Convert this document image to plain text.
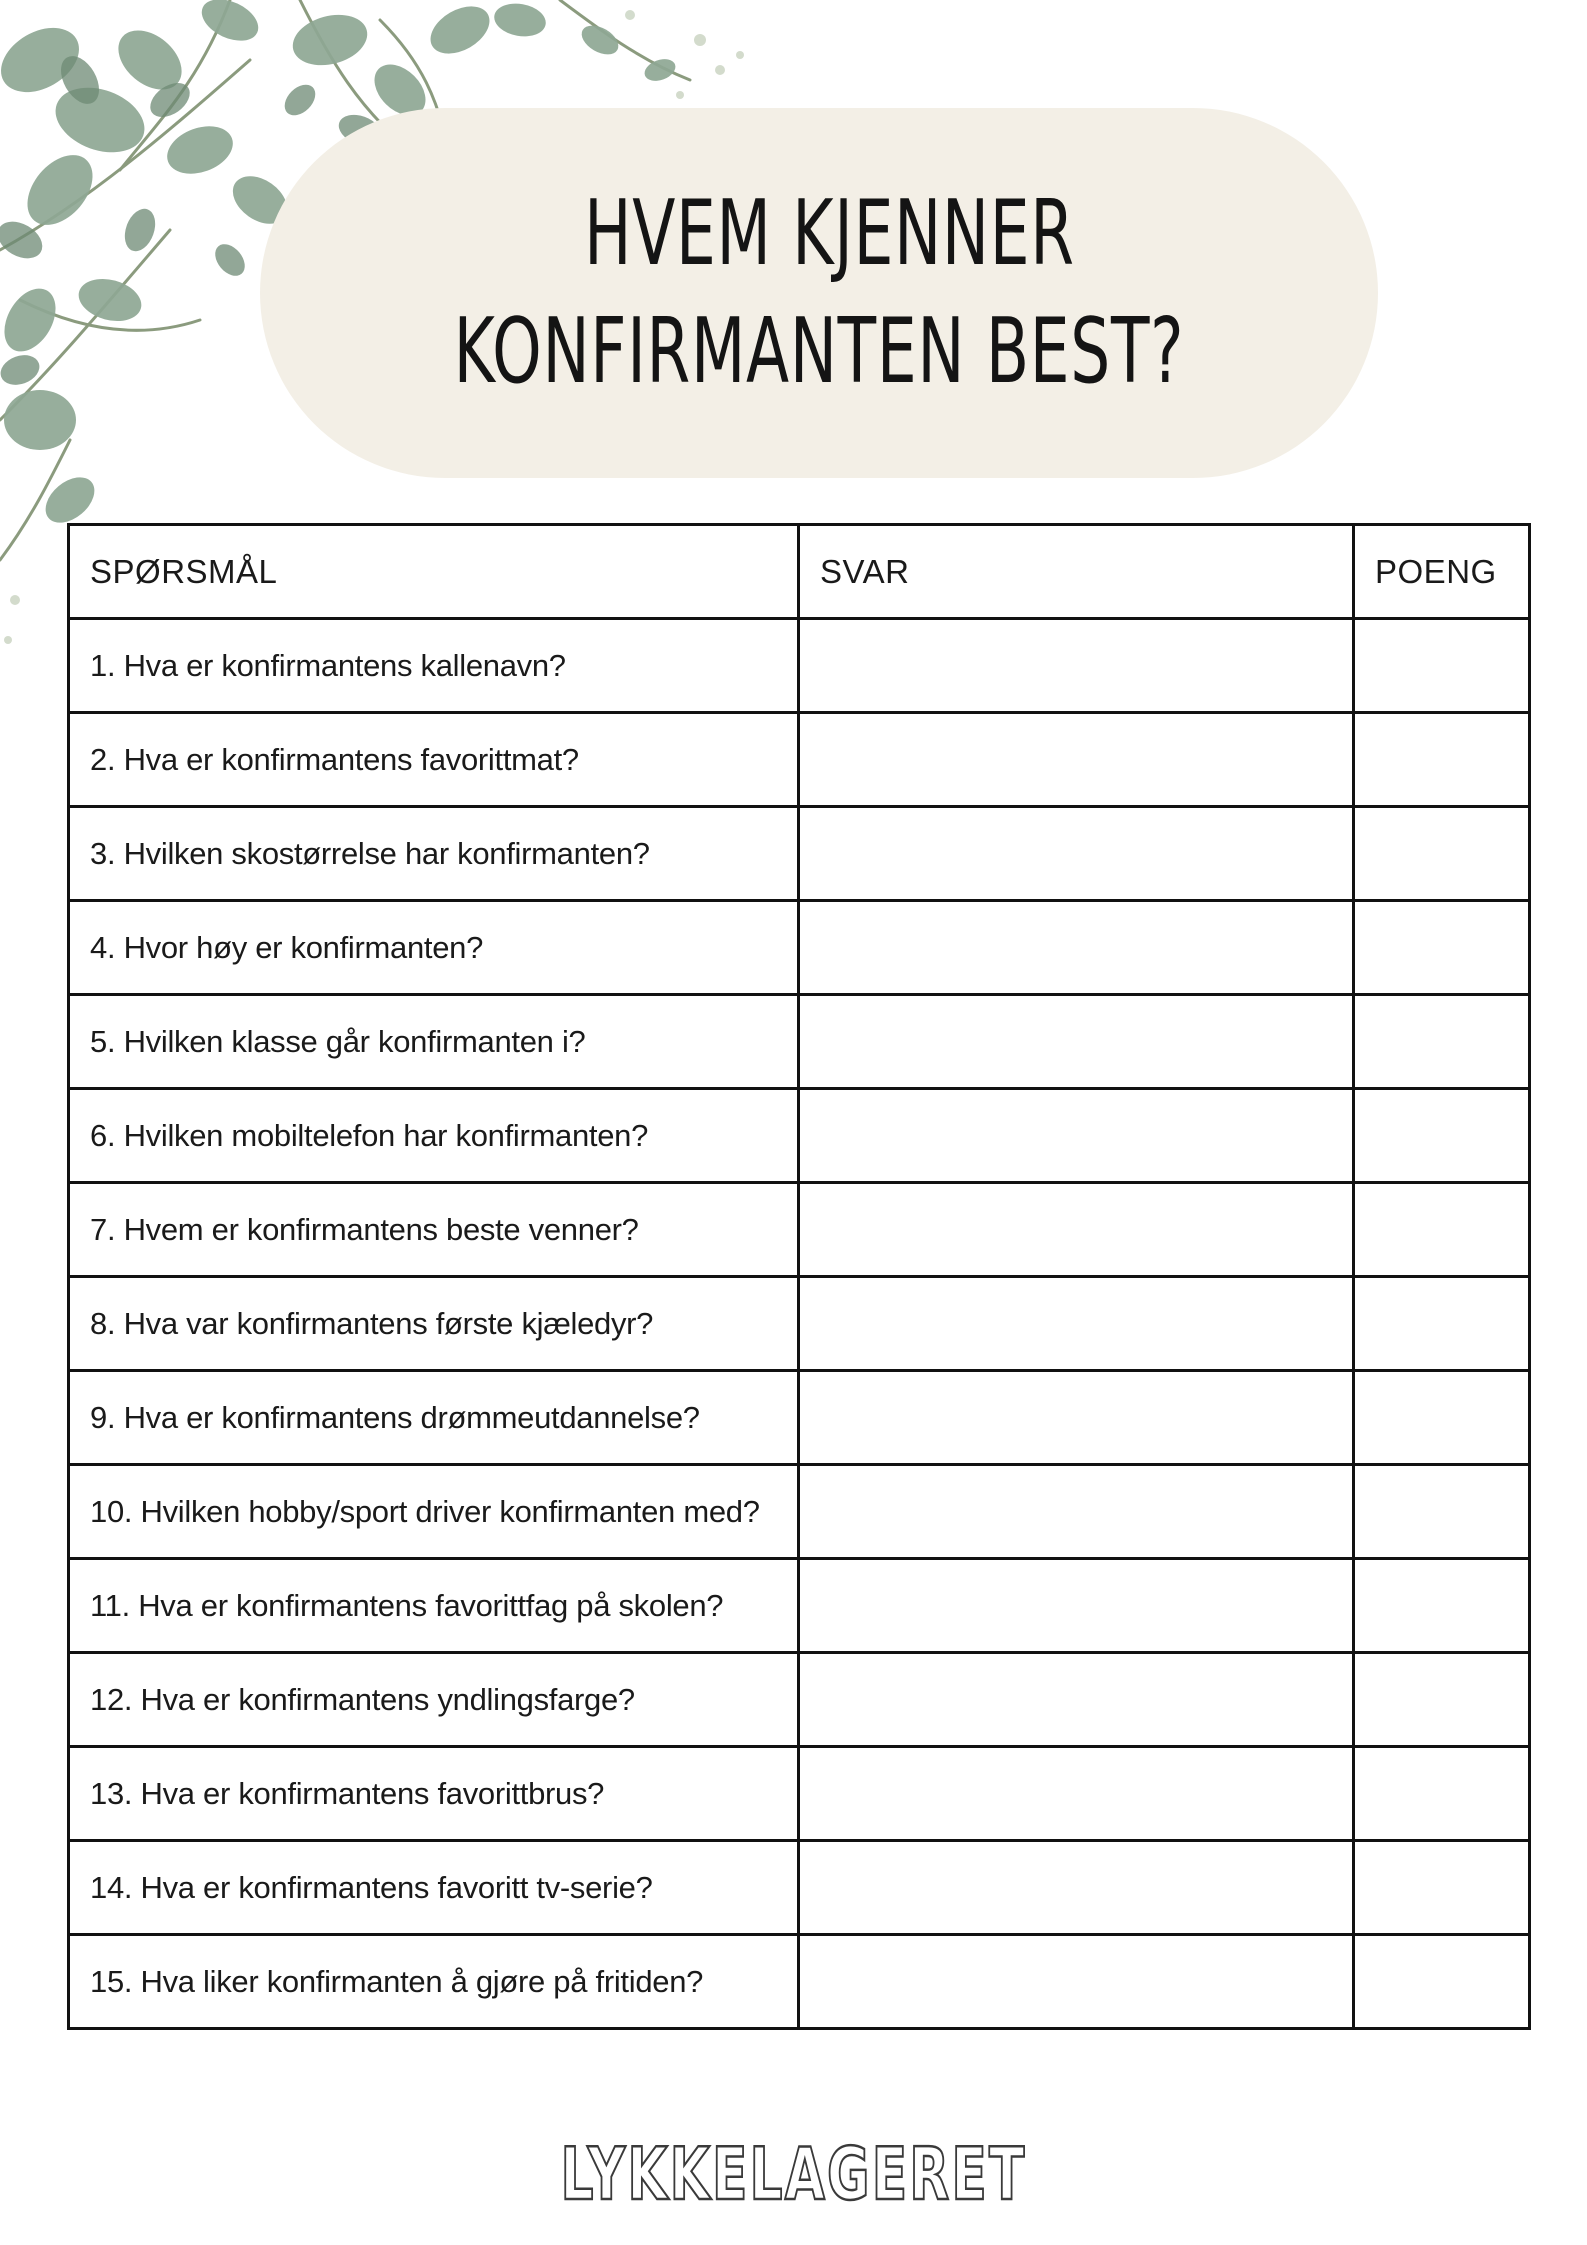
HVEM KJENNER
KONFIRMANTEN BEST?
SPØRSMÅL	SVAR	POENG
1. Hva er konfirmantens kallenavn?		
2. Hva er konfirmantens favorittmat?		
3. Hvilken skostørrelse har konfirmanten?		
4. Hvor høy er konfirmanten?		
5. Hvilken klasse går konfirmanten i?		
6. Hvilken mobiltelefon har konfirmanten?		
7. Hvem er konfirmantens beste venner?		
8. Hva var konfirmantens første kjæledyr?		
9. Hva er konfirmantens drømmeutdannelse?		
10. Hvilken hobby/sport driver konfirmanten med?		
11. Hva er konfirmantens favorittfag på skolen?		
12. Hva er konfirmantens yndlingsfarge?		
13. Hva er konfirmantens favorittbrus?		
14. Hva er konfirmantens favoritt tv-serie?		
15. Hva liker konfirmanten å gjøre på fritiden?		
LYKKELAGERET
